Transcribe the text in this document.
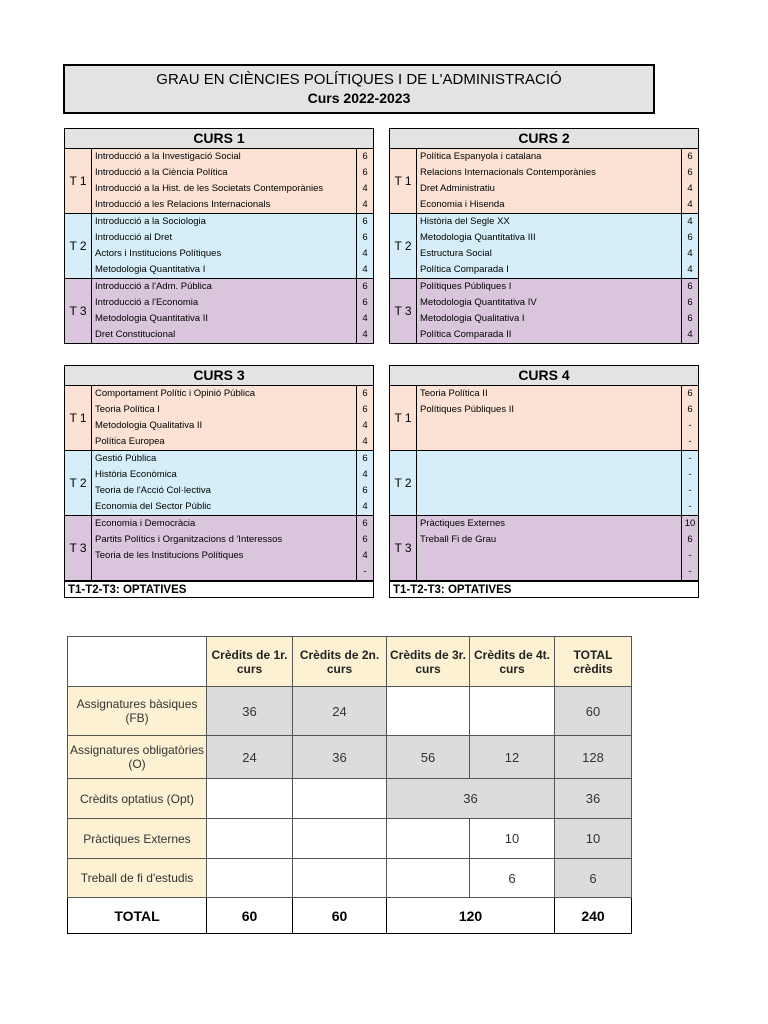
GRAU EN CIÈNCIES POLÍTIQUES I DE L'ADMINISTRACIÓ
Curs 2022-2023
CURS 1
T 1
Introducció a la Investigació Social	6
Introducció a la Ciència Política	6
Introducció a la Hist. de les Societats Contemporànies	4
Introducció a les Relacions Internacionals	4
T 2
Introducció a la Sociologia	6
Introducció al Dret	6
Actors i Institucions Polítiques	4
Metodologia Quantitativa I	4
T 3
Introducció a l'Adm. Pública	6
Introducció a l'Economia	6
Metodologia Quantitativa II	4
Dret Constitucional	4
CURS 2
T 1
Política Espanyola i catalana	6
Relacions Internacionals Contemporànies	6
Dret Administratiu	4
Economia i Hisenda	4
T 2
Història del Segle XX	4
Metodologia Quantitativa III	6
Estructura Social	4
Política Comparada I	4
T 3
Polítiques Públiques I	6
Metodologia Quantitativa IV	6
Metodologia Qualitativa I	6
Política Comparada II	4
CURS 3
T 1
Comportament Polític i Opinió Pública	6
Teoria Política I	6
Metodologia Qualitativa II	4
Política Europea	4
T 2
Gestió Pública	6
Història Econòmica	4
Teoria de l'Acció Col·lectiva	6
Economia del Sector Públic	4
T 3
Economia i Democràcia	6
Partits Polítics i Organitzacions d 'Interessos	6
Teoria de les Institucions Polítiques	4
-
T1-T2-T3: OPTATIVES
CURS 4
T 1
Teoria Política II	6
Polítiques Públiques II	6
-
-
T 2
-
-
-
-
T 3
Pràctiques Externes	10
Treball Fi de Grau	6
-
-
T1-T2-T3: OPTATIVES
	Crèdits de 1r. curs	Crèdits de 2n. curs	Crèdits de 3r. curs	Crèdits de 4t. curs	TOTAL crèdits
Assignatures bàsiques (FB)	36	24			60
Assignatures obligatòries (O)	24	36	56	12	128
Crèdits optatius (Opt)			36		36
Pràctiques Externes				10	10
Treball de fi d'estudis				6	6
TOTAL	60	60	120		240
